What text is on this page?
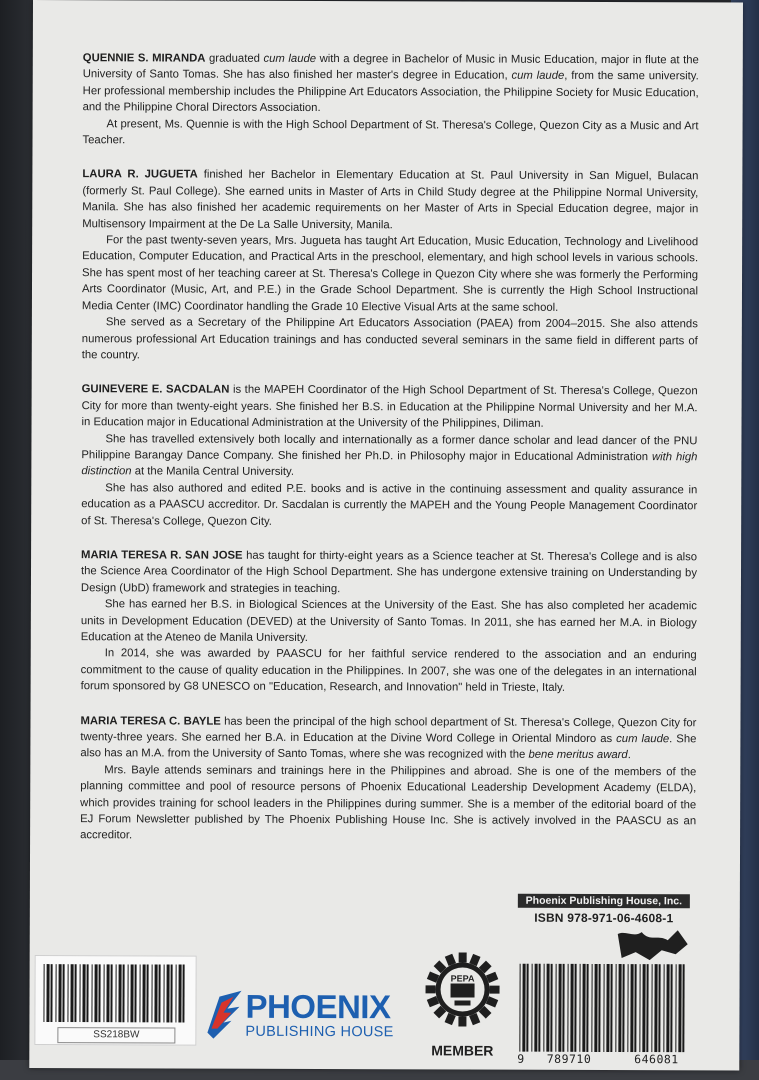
QUENNIE S. MIRANDA graduated cum laude with a degree in Bachelor of Music in Music Education, major in flute at the University of Santo Tomas. She has also finished her master's degree in Education, cum laude, from the same university. Her professional membership includes the Philippine Art Educators Association, the Philippine Society for Music Education, and the Philippine Choral Directors Association.

At present, Ms. Quennie is with the High School Department of St. Theresa's College, Quezon City as a Music and Art Teacher.

LAURA R. JUGUETA finished her Bachelor in Elementary Education at St. Paul University in San Miguel, Bulacan (formerly St. Paul College). She earned units in Master of Arts in Child Study degree at the Philippine Normal University, Manila. She has also finished her academic requirements on her Master of Arts in Special Education degree, major in Multisensory Impairment at the De La Salle University, Manila.

For the past twenty-seven years, Mrs. Jugueta has taught Art Education, Music Education, Technology and Livelihood Education, Computer Education, and Practical Arts in the preschool, elementary, and high school levels in various schools. She has spent most of her teaching career at St. Theresa's College in Quezon City where she was formerly the Performing Arts Coordinator (Music, Art, and P.E.) in the Grade School Department. She is currently the High School Instructional Media Center (IMC) Coordinator handling the Grade 10 Elective Visual Arts at the same school.

She served as a Secretary of the Philippine Art Educators Association (PAEA) from 2004–2015. She also attends numerous professional Art Education trainings and has conducted several seminars in the same field in different parts of the country.

GUINEVERE E. SACDALAN is the MAPEH Coordinator of the High School Department of St. Theresa's College, Quezon City for more than twenty-eight years. She finished her B.S. in Education at the Philippine Normal University and her M.A. in Education major in Educational Administration at the University of the Philippines, Diliman.

She has travelled extensively both locally and internationally as a former dance scholar and lead dancer of the PNU Philippine Barangay Dance Company. She finished her Ph.D. in Philosophy major in Educational Administration with high distinction at the Manila Central University.

She has also authored and edited P.E. books and is active in the continuing assessment and quality assurance in education as a PAASCU accreditor. Dr. Sacdalan is currently the MAPEH and the Young People Management Coordinator of St. Theresa's College, Quezon City.

MARIA TERESA R. SAN JOSE has taught for thirty-eight years as a Science teacher at St. Theresa's College and is also the Science Area Coordinator of the High School Department. She has undergone extensive training on Understanding by Design (UbD) framework and strategies in teaching.

She has earned her B.S. in Biological Sciences at the University of the East. She has also completed her academic units in Development Education (DEVED) at the University of Santo Tomas. In 2011, she has earned her M.A. in Biology Education at the Ateneo de Manila University.

In 2014, she was awarded by PAASCU for her faithful service rendered to the association and an enduring commitment to the cause of quality education in the Philippines. In 2007, she was one of the delegates in an international forum sponsored by G8 UNESCO on "Education, Research, and Innovation" held in Trieste, Italy.

MARIA TERESA C. BAYLE has been the principal of the high school department of St. Theresa's College, Quezon City for twenty-three years. She earned her B.A. in Education at the Divine Word College in Oriental Mindoro as cum laude. She also has an M.A. from the University of Santo Tomas, where she was recognized with the bene meritus award.

Mrs. Bayle attends seminars and trainings here in the Philippines and abroad. She is one of the members of the planning committee and pool of resource persons of Phoenix Educational Leadership Development Academy (ELDA), which provides training for school leaders in the Philippines during summer. She is a member of the editorial board of the EJ Forum Newsletter published by The Phoenix Publishing House Inc. She is actively involved in the PAASCU as an accreditor.

SS218BW
PHOENIX
PUBLISHING HOUSE
PEPA
MEMBER
Phoenix Publishing House, Inc.
ISBN 978-971-06-4608-1
9 789710	646081
